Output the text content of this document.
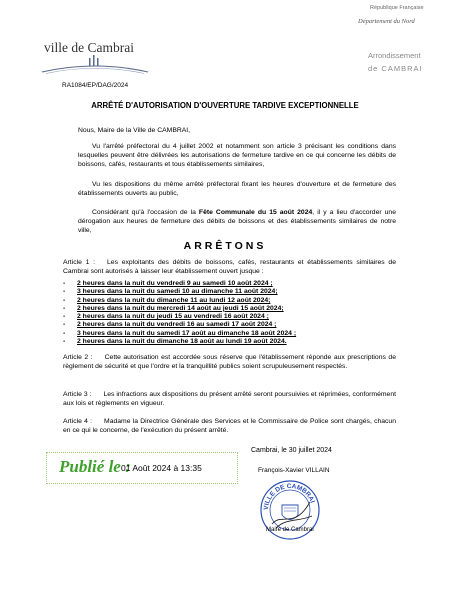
République Française
Département du Nord
ville de Cambrai
Arrondissement
de CAMBRAI
RA1084/EP/DAG/2024
ARRÊTÉ D'AUTORISATION D'OUVERTURE TARDIVE EXCEPTIONNELLE
Nous, Maire de la Ville de CAMBRAI,
Vu l'arrêté préfectoral du 4 juillet 2002 et notamment son article 3 précisant les conditions dans lesquelles peuvent être délivrées les autorisations de fermeture tardive en ce qui concerne les débits de boissons, cafés, restaurants et tous établissements similaires,
Vu les dispositions du même arrêté préfectoral fixant les heures d'ouverture et de fermeture des établissements ouverts au public,
Considérant qu'à l'occasion de la Fête Communale du 15 août 2024, il y a lieu d'accorder une dérogation aux heures de fermeture des débits de boissons et des établissements similaires de notre ville,
ARRÊTONS
Article 1 : Les exploitants des débits de boissons, cafés, restaurants et établissements similaires de Cambrai sont autorisés à laisser leur établissement ouvert jusque :
- 2 heures dans la nuit du vendredi 9 au samedi 10 août 2024 ;
- 3 heures dans la nuit du samedi 10 au dimanche 11 août 2024;
- 2 heures dans la nuit du dimanche 11 au lundi 12 août 2024;
- 2 heures dans la nuit du mercredi 14 août au jeudi 15 août 2024;
- 2 heures dans la nuit du jeudi 15 au vendredi 16 août 2024 ;
- 2 heures dans la nuit du vendredi 16 au samedi 17 août 2024 ;
- 3 heures dans la nuit du samedi 17 août au dimanche 18 août 2024 ;
- 2 heures dans la nuit du dimanche 18 août au lundi 19 août 2024.
Article 2 : Cette autorisation est accordée sous réserve que l'établissement réponde aux prescriptions de règlement de sécurité et que l'ordre et la tranquillité publics soient scrupuleusement respectés.
Article 3 : Les infractions aux dispositions du présent arrêté seront poursuivies et réprimées, conformément aux lois et règlements en vigueur.
Article 4 : Madame la Directrice Générale des Services et le Commissaire de Police sont chargés, chacun en ce qui le concerne, de l'exécution du présent arrêté.
Publié le :
01 Août 2024 à 13:35
Cambrai, le 30 juillet 2024
François-Xavier VILLAIN
VILLE DE CAMBRAI
Maire de Cambrai
